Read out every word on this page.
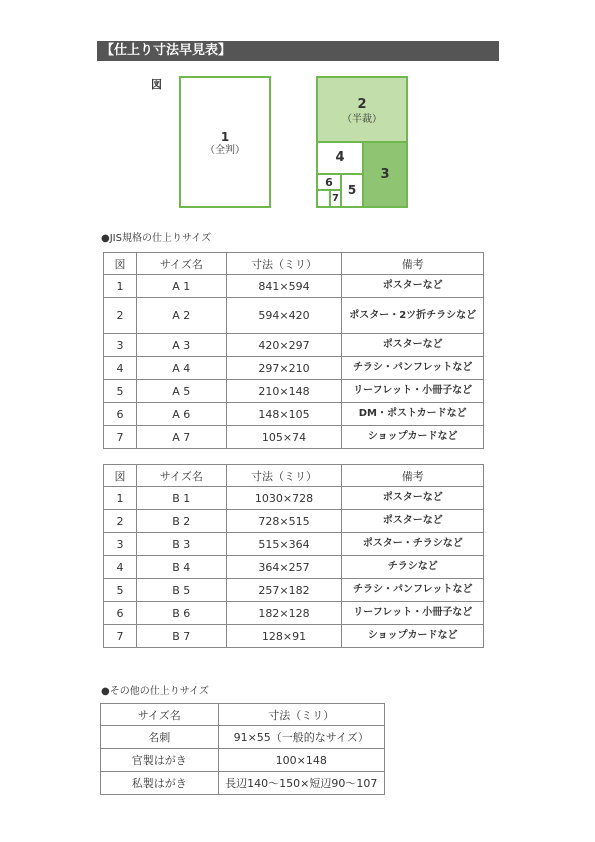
【仕上り寸法早見表】
図
1
（全判）
2
（半裁）
3
4
5
6
7
●JIS規格の仕上りサイズ
図	サイズ名	寸法（ミリ）	備考
1	A 1	841×594	ポスターなど
2	A 2	594×420	ポスター・2ツ折チラシなど
3	A 3	420×297	ポスターなど
4	A 4	297×210	チラシ・パンフレットなど
5	A 5	210×148	リーフレット・小冊子など
6	A 6	148×105	DM・ポストカードなど
7	A 7	105×74	ショップカードなど
図	サイズ名	寸法（ミリ）	備考
1	B 1	1030×728	ポスターなど
2	B 2	728×515	ポスターなど
3	B 3	515×364	ポスター・チラシなど
4	B 4	364×257	チラシなど
5	B 5	257×182	チラシ・パンフレットなど
6	B 6	182×128	リーフレット・小冊子など
7	B 7	128×91	ショップカードなど
●その他の仕上りサイズ
サイズ名	寸法（ミリ）
名刺	91×55（一般的なサイズ）
官製はがき	100×148
私製はがき	長辺140～150×短辺90～107
